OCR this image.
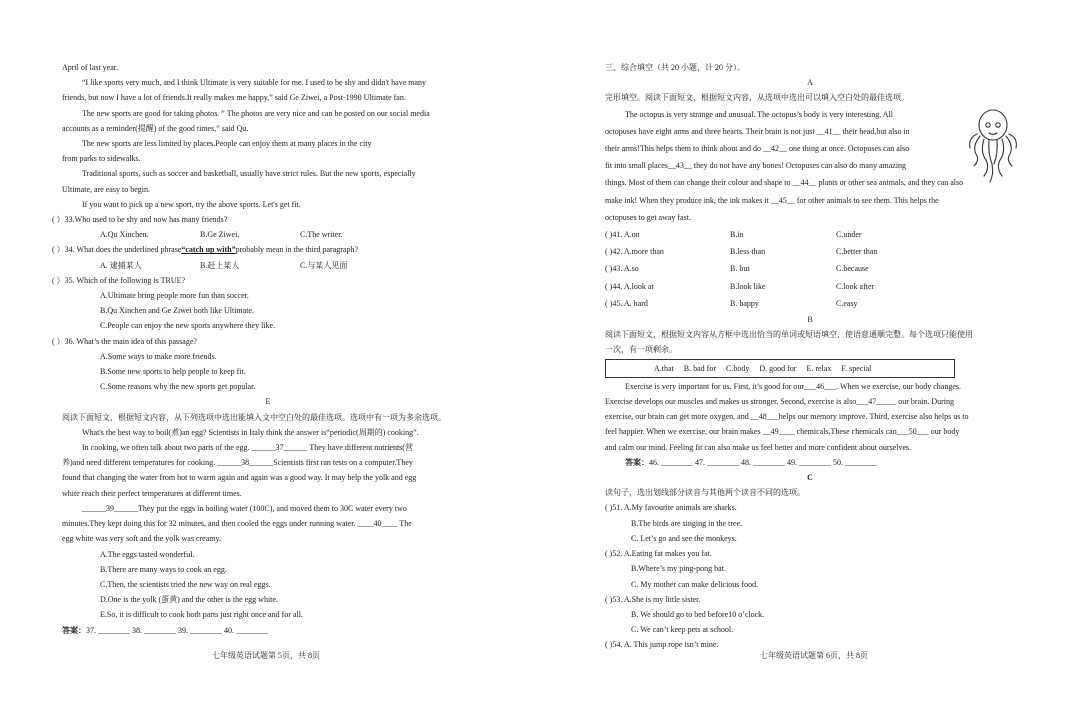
April of last year.
“I like sports very much, and I think Ultimate is very suitable for me. I used to be shy and didn't have many
friends, but now I have a lot of friends.It really makes me happy,” said Ge Ziwei, a Post-1990 Ultimate fan.
The new sports are good for taking photos. ” The photos are very nice and can be posted on our social media
accounts as a reminder(提醒) of the good times,” said Qu.
The new sports are less limited by places.People can enjoy them at many places in the city
from parks to sidewalks.
Traditional sports, such as soccer and basketball, usually have strict rules. But the new sports, especially
Ultimate, are easy to begin.
If you want to pick up a new sport, try the above sports. Let's get fit.
( ）33.Who used to be shy and now has many friends?
A.Qu Xinchen.	B.Ge Ziwei.	C.The writer.
( ）34. What does the underlined phrase“catch up with”probably mean in the third paragraph?
A. 逮捕某人	B.赶上某人	C.与某人见面
( ）35. Which of the following is TRUE?
A.Ultimate bring people more fun than soccer.
B.Qu Xinchen and Ge Ziwei both like Ultimate.
C.People can enjoy the new sports anywhere they like.
( ）36. What’s the main idea of this passage?
A.Some ways to make more friends.
B.Some new sports to help people to keep fit.
C.Some reasons why the new sports get popular.
E
阅读下面短文，根据短文内容，从下列选项中选出能填入文中空白处的最佳选项。选项中有一项为多余选项。
What's the best way to boil(煮)an egg? Scientists in Italy think the answer is“periodic(周期的) cooking”.
In cooking, we often talk about two parts of the egg. ______37______ They have different nutrients(营
养)and need different temperatures for cooking. ______38______Scientists first ran tests on a computer.They
found that changing the water from hot to warm again and again was a good way. It may help the yolk and egg
white reach their perfect temperatures at different times.
______39______They put the eggs in boiling water (100C), and moved them to 30C water every two
minutes.They kept doing this for 32 minutes, and then cooled the eggs under running water. ____40____ The
egg white was very soft and the yolk was creamy.
A.The eggs tasted wonderful.
B.There are many ways to cook an egg.
C.Then, the scientists tried the new way on real eggs.
D.One is the yolk (蛋黄) and the other is the egg white.
E.So, it is difficult to cook both parts just right once and for all.
答案：37. ________ 38. ________ 39. ________ 40. ________
七年级英语试题第 5页，共 8页
三、综合填空（共 20 小题，计 20 分）。
A
完形填空。阅读下面短文，根据短文内容，从选项中选出可以填入空白处的最佳选项。
The octopus is very strange and unusual. The octopus’s body is very interesting. All
octopuses have eight arms and three hearts. Their brain is not just __41__ their head,but also in
their arms!This helps them to think about and do __42__ one thing at once. Octopuses can also
fit into small places__43__ they do not have any bones! Octopuses can also do many amazing
things. Most of them can change their colour and shape to __44__ plants or other sea animals, and they can also
make ink! When they produce ink, the ink makes it __45__ for other animals to see them. This helps the
octopuses to get away fast.
( )41. A.on	B.in	C.under
( )42. A.more than	B.less than	C.better than
( )43. A.so	B. but	C.because
( )44. A.look at	B.look like	C.look after
( )45. A. hard	B. happy	C.easy
B
阅读下面短文，根据短文内容从方框中选出恰当的单词或短语填空，使语意通顺完整。每个选项只能使用
一次，有一项剩余。
A.that B. bad for C.body D. good for E. relax F. special
Exercise is very important for us. First, it’s good for our___46___. When we exercise, our body changes.
Exercise develops our muscles and makes us stronger. Second, exercise is also___47_____ our brain. During
exercise, our brain can get more oxygen, and __48___helps our memory improve. Third, exercise also helps us to
feel happier. When we exercise, our brain makes __49____ chemicals.These chemicals can___50___ our body
and calm our mind. Feeling fit can also make us feel better and more confident about ourselves.
答案：46. ________ 47. ________ 48. ________ 49. ________ 50. ________
C
读句子，选出划线部分读音与其他两个读音不同的选项。
( )51. A.My favourite animals are sharks.
B.The birds are singing in the tree.
C. Let’s go and see the monkeys.
( )52. A.Eating fat makes you fat.
B.Where’s my ping-pong bat.
C. My mother can make delicious food.
( )53. A.She is my little sister.
B. We should go to bed before10 o’clock.
C. We can’t keep pets at school.
( )54. A. This jump rope isn’t mine.
七年级英语试题第 6页，共 8页
